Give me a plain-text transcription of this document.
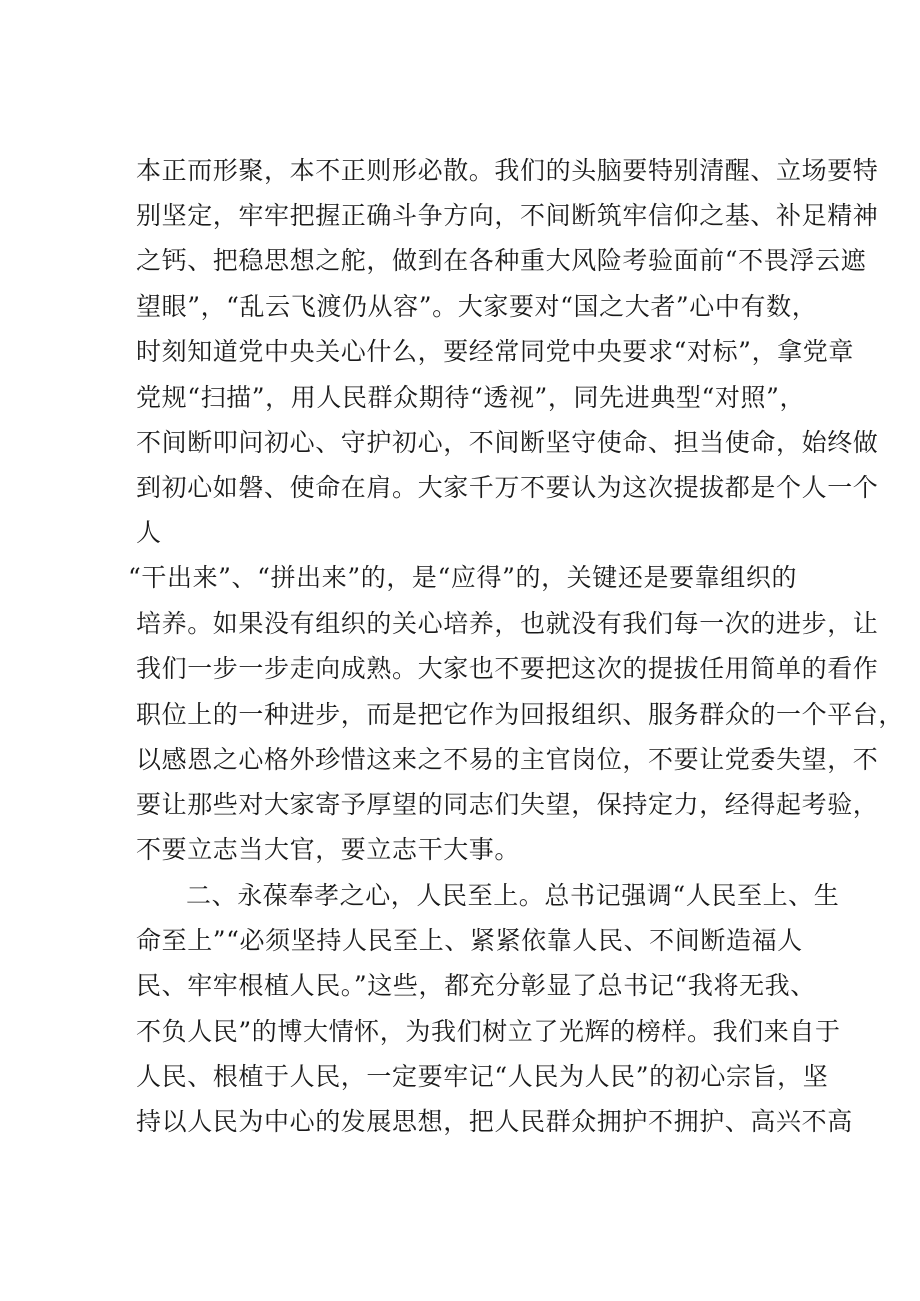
本正而形聚，本不正则形必散。我们的头脑要特别清醒、立场要特
别坚定，牢牢把握正确斗争方向，不间断筑牢信仰之基、补足精神
之钙、把稳思想之舵，做到在各种重大风险考验面前“不畏浮云遮
望眼”，“乱云飞渡仍从容”。大家要对“国之大者”心中有数，
时刻知道党中央关心什么，要经常同党中央要求“对标”，拿党章
党规“扫描”，用人民群众期待“透视”，同先进典型“对照”，
不间断叩问初心、守护初心，不间断坚守使命、担当使命，始终做
到初心如磐、使命在肩。大家千万不要认为这次提拔都是个人一个
人
“干出来”、“拼出来”的，是“应得”的，关键还是要靠组织的
培养。如果没有组织的关心培养，也就没有我们每一次的进步，让
我们一步一步走向成熟。大家也不要把这次的提拔任用简单的看作
职位上的一种进步，而是把它作为回报组织、服务群众的一个平台，
以感恩之心格外珍惜这来之不易的主官岗位，不要让党委失望，不
要让那些对大家寄予厚望的同志们失望，保持定力，经得起考验，
不要立志当大官，要立志干大事。
二、永葆奉孝之心，人民至上。总书记强调“人民至上、生
命至上”“必须坚持人民至上、紧紧依靠人民、不间断造福人
民、牢牢根植人民。”这些，都充分彰显了总书记“我将无我、
不负人民”的博大情怀，为我们树立了光辉的榜样。我们来自于
人民、根植于人民，一定要牢记“人民为人民”的初心宗旨，坚
持以人民为中心的发展思想，把人民群众拥护不拥护、高兴不高
